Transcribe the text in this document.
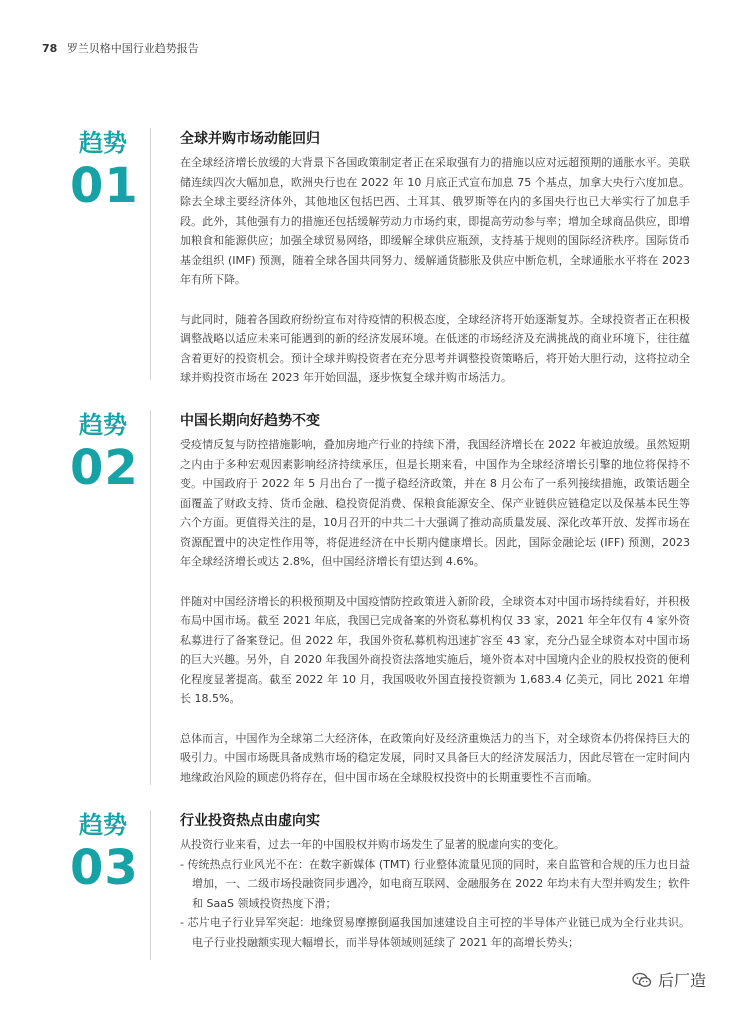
78 罗兰贝格中国行业趋势报告
趋势
01

全球并购市场动能回归

在全球经济增长放缓的大背景下各国政策制定者正在采取强有力的措施以应对远超预期的通胀水平。美联储连续四次大幅加息，欧洲央行也在 2022 年 10 月底正式宣布加息 75 个基点，加拿大央行六度加息。除去全球主要经济体外，其他地区包括巴西、土耳其、俄罗斯等在内的多国央行也已大举实行了加息手段。此外，其他强有力的措施还包括缓解劳动力市场约束，即提高劳动参与率；增加全球商品供应，即增加粮食和能源供应；加强全球贸易网络，即缓解全球供应瓶颈，支持基于规则的国际经济秩序。国际货币基金组织 (IMF) 预测，随着全球各国共同努力、缓解通货膨胀及供应中断危机，全球通胀水平将在 2023 年有所下降。

与此同时，随着各国政府纷纷宣布对待疫情的积极态度，全球经济将开始逐渐复苏。全球投资者正在积极调整战略以适应未来可能遇到的新的经济发展环境。在低迷的市场经济及充满挑战的商业环境下，往往蕴含着更好的投资机会。预计全球并购投资者在充分思考并调整投资策略后，将开始大胆行动，这将拉动全球并购投资市场在 2023 年开始回温，逐步恢复全球并购市场活力。

趋势
02

中国长期向好趋势不变

受疫情反复与防控措施影响，叠加房地产行业的持续下滑，我国经济增长在 2022 年被迫放缓。虽然短期之内由于多种宏观因素影响经济持续承压，但是长期来看，中国作为全球经济增长引擎的地位将保持不变。中国政府于 2022 年 5 月出台了一揽子稳经济政策，并在 8 月公布了一系列接续措施，政策话题全面覆盖了财政支持、货币金融、稳投资促消费、保粮食能源安全、保产业链供应链稳定以及保基本民生等六个方面。更值得关注的是，10月召开的中共二十大强调了推动高质量发展、深化改革开放、发挥市场在资源配置中的决定性作用等，将促进经济在中长期内健康增长。因此，国际金融论坛 (IFF) 预测，2023 年全球经济增长或达 2.8%，但中国经济增长有望达到 4.6%。

伴随对中国经济增长的积极预期及中国疫情防控政策进入新阶段，全球资本对中国市场持续看好，并积极布局中国市场。截至 2021 年底，我国已完成备案的外资私募机构仅 33 家，2021 年全年仅有 4 家外资私募进行了备案登记。但 2022 年，我国外资私募机构迅速扩容至 43 家，充分凸显全球资本对中国市场的巨大兴趣。另外，自 2020 年我国外商投资法落地实施后，境外资本对中国境内企业的股权投资的便利化程度显著提高。截至 2022 年 10 月，我国吸收外国直接投资额为 1,683.4 亿美元，同比 2021 年增长 18.5%。

总体而言，中国作为全球第二大经济体，在政策向好及经济重焕活力的当下，对全球资本仍将保持巨大的吸引力。中国市场既具备成熟市场的稳定发展，同时又具备巨大的经济发展活力，因此尽管在一定时间内地缘政治风险的顾虑仍将存在，但中国市场在全球股权投资中的长期重要性不言而喻。

趋势
03

行业投资热点由虚向实

从投资行业来看，过去一年的中国股权并购市场发生了显著的脱虚向实的变化。

- 传统热点行业风光不在：在数字新媒体 (TMT) 行业整体流量见顶的同时，来自监管和合规的压力也日益增加，一、二级市场投融资同步遇冷，如电商互联网、金融服务在 2022 年均未有大型并购发生；软件和 SaaS 领域投资热度下滑；
- 芯片电子行业异军突起：地缘贸易摩擦倒逼我国加速建设自主可控的半导体产业链已成为全行业共识。电子行业投融额实现大幅增长，而半导体领域则延续了 2021 年的高增长势头；
后厂造
